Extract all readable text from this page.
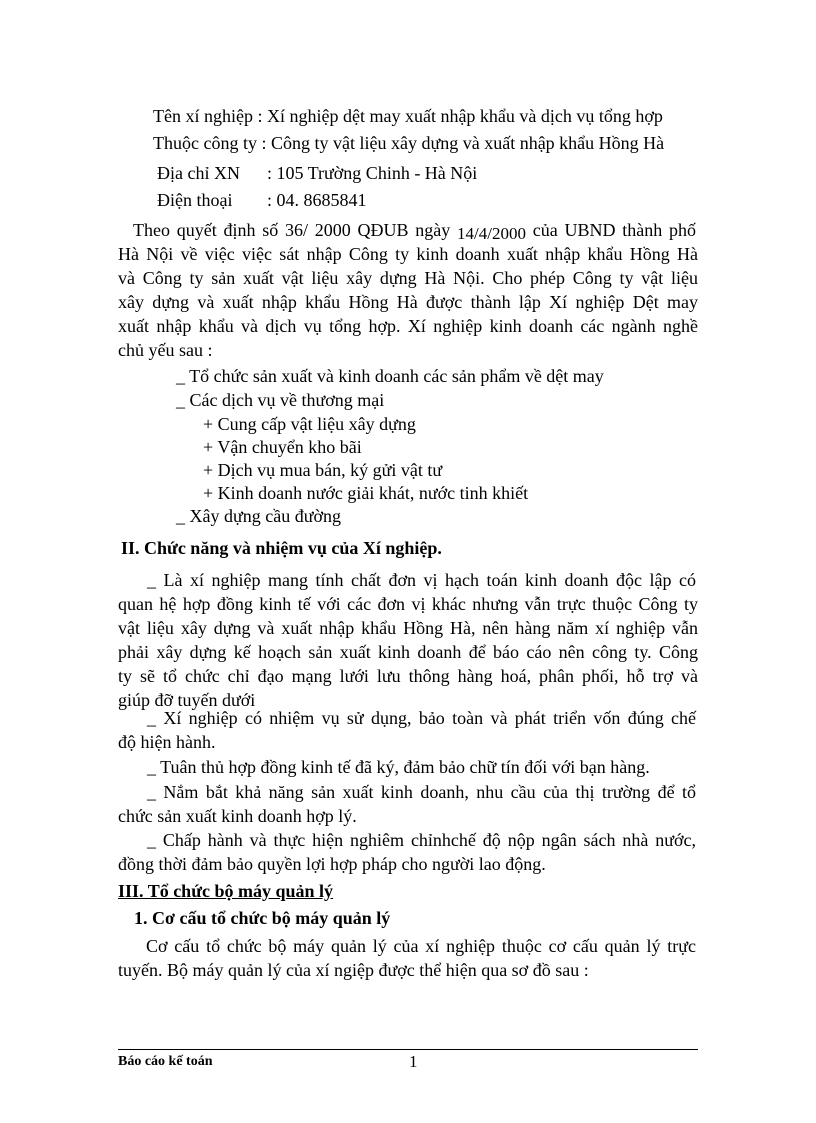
Tên xí nghiệp : Xí nghiệp dệt may xuất nhập khẩu và dịch vụ tổng hợp
Thuộc công ty : Công ty vật liệu xây dựng và xuất nhập khẩu Hồng Hà
Địa chỉ XN : 105 Trường Chinh - Hà Nội
Điện thoại : 04. 8685841
Theo quyết định số 36/ 2000 QĐUB ngày 14/4/2000 của UBND thành phố
Hà Nội về việc việc sát nhập Công ty kinh doanh xuất nhập khẩu Hồng Hà
và Công ty sản xuất vật liệu xây dựng Hà Nội. Cho phép Công ty vật liệu
xây dựng và xuất nhập khẩu Hồng Hà được thành lập Xí nghiệp Dệt may
xuất nhập khẩu và dịch vụ tổng hợp. Xí nghiệp kinh doanh các ngành nghề
chủ yếu sau :
_ Tổ chức sản xuất và kinh doanh các sản phẩm về dệt may
_ Các dịch vụ về thương mại
+ Cung cấp vật liệu xây dựng
+ Vận chuyển kho bãi
+ Dịch vụ mua bán, ký gửi vật tư
+ Kinh doanh nước giải khát, nước tinh khiết
_ Xây dựng cầu đường
II. Chức năng và nhiệm vụ của Xí nghiệp.
_ Là xí nghiệp mang tính chất đơn vị hạch toán kinh doanh độc lập có
quan hệ hợp đồng kinh tế với các đơn vị khác nhưng vẫn trực thuộc Công ty
vật liệu xây dựng và xuất nhập khẩu Hồng Hà, nên hàng năm xí nghiệp vẫn
phải xây dựng kế hoạch sản xuất kinh doanh để báo cáo nên công ty. Công
ty sẽ tổ chức chỉ đạo mạng lưới lưu thông hàng hoá, phân phối, hỗ trợ và
giúp đỡ tuyến dưới
_ Xí nghiệp có nhiệm vụ sử dụng, bảo toàn và phát triển vốn đúng chế
độ hiện hành.
_ Tuân thủ hợp đồng kinh tế đã ký, đảm bảo chữ tín đối với bạn hàng.
_ Nắm bắt khả năng sản xuất kinh doanh, nhu cầu của thị trường để tổ
chức sản xuất kinh doanh hợp lý.
_ Chấp hành và thực hiện nghiêm chỉnhchế độ nộp ngân sách nhà nước,
đồng thời đảm bảo quyền lợi hợp pháp cho người lao động.
III. Tổ chức bộ máy quản lý
1. Cơ cấu tổ chức bộ máy quản lý
Cơ cấu tổ chức bộ máy quản lý của xí nghiệp thuộc cơ cấu quản lý trực
tuyến. Bộ máy quản lý của xí ngiệp được thể hiện qua sơ đồ sau :
Báo cáo kế toán	1
